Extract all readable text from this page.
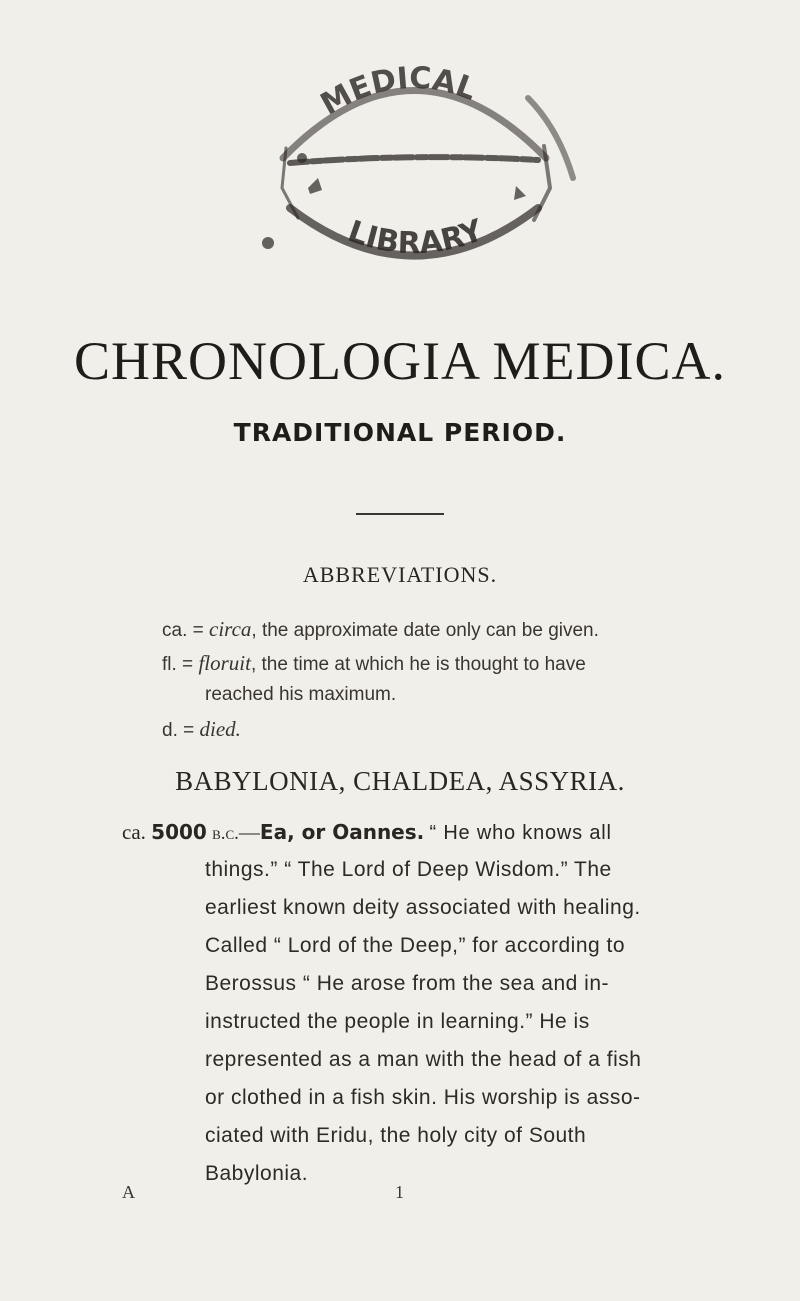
MEDICAL
LIBRARY
CHRONOLOGIA MEDICA.
TRADITIONAL PERIOD.
ABBREVIATIONS.
ca. = circa, the approximate date only can be given.
fl. = floruit, the time at which he is thought to have
reached his maximum.
d. = died.
BABYLONIA, CHALDEA, ASSYRIA.
ca. 5000 b.c.—Ea, or Oannes. “ He who knows all
things.” “ The Lord of Deep Wisdom.” The
earliest known deity associated with healing.
Called “ Lord of the Deep,” for according to
Berossus “ He arose from the sea and in-
instructed the people in learning.” He is
represented as a man with the head of a fish
or clothed in a fish skin. His worship is asso-
ciated with Eridu, the holy city of South
Babylonia.
A	1
